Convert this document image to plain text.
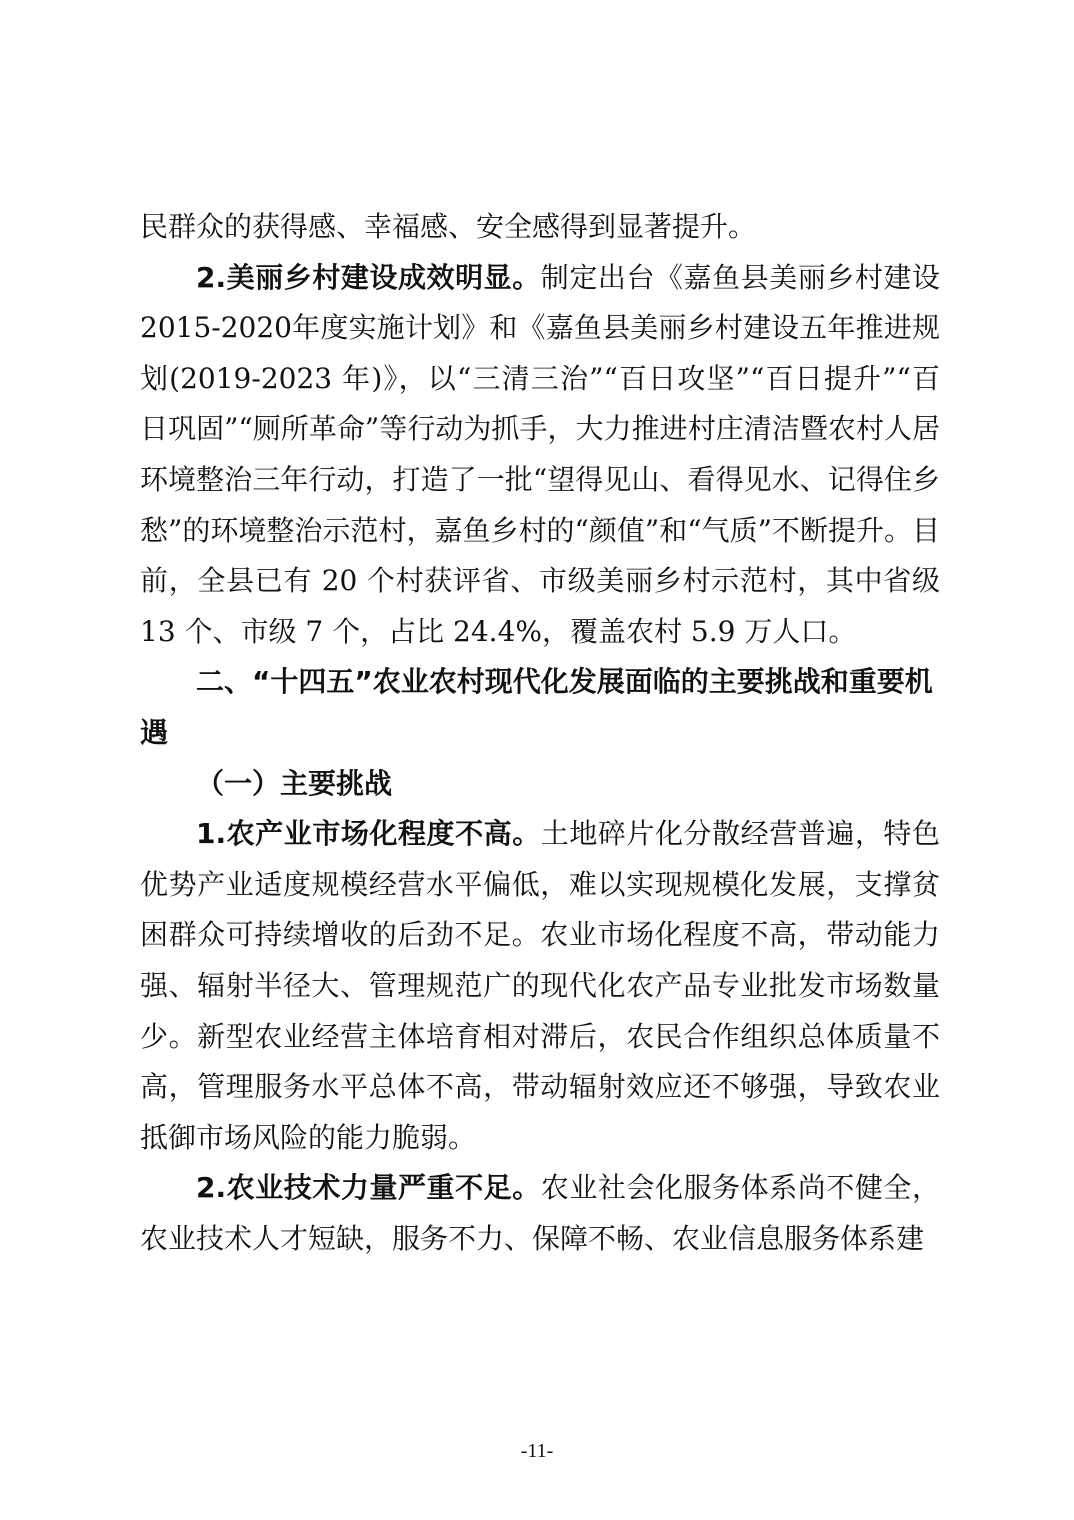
民群众的获得感、幸福感、安全感得到显著提升。

2.美丽乡村建设成效明显。制定出台《嘉鱼县美丽乡村建设2015-2020年度实施计划》和《嘉鱼县美丽乡村建设五年推进规划(2019-2023 年)》，以“三清三治”“百日攻坚”“百日提升”“百日巩固”“厕所革命”等行动为抓手，大力推进村庄清洁暨农村人居环境整治三年行动，打造了一批“望得见山、看得见水、记得住乡愁”的环境整治示范村，嘉鱼乡村的“颜值”和“气质”不断提升。目前，全县已有 20 个村获评省、市级美丽乡村示范村，其中省级 13 个、市级 7 个，占比 24.4%，覆盖农村 5.9 万人口。

二、“十四五”农业农村现代化发展面临的主要挑战和重要机遇

（一）主要挑战

1.农产业市场化程度不高。土地碎片化分散经营普遍，特色优势产业适度规模经营水平偏低，难以实现规模化发展，支撑贫困群众可持续增收的后劲不足。农业市场化程度不高，带动能力强、辐射半径大、管理规范广的现代化农产品专业批发市场数量少。新型农业经营主体培育相对滞后，农民合作组织总体质量不高，管理服务水平总体不高，带动辐射效应还不够强，导致农业抵御市场风险的能力脆弱。

2.农业技术力量严重不足。农业社会化服务体系尚不健全，农业技术人才短缺，服务不力、保障不畅、农业信息服务体系建

-11-
